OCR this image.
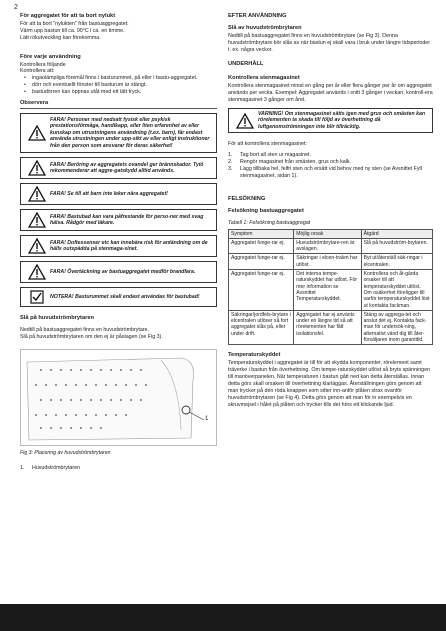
2

För aggregatet för att ta bort nylukt

För att ta bort "nylukten" från bastuaggregatet:

Värm upp bastun till ca. 90°C i ca. en timme.

Lätt rökutveckling kan förekomma.

Före varje användning

Kontrollera följande

Kontrollera att:

• ingaolämpliga föremål finns i basturummet, på eller i bastu-aggregatet.
• dörr och eventuellt fönster till basturum är stängt.
• bastudörren kan öppnas utåt med ett lätt tryck.

Observera

FARA! Personer med nedsatt fysisk eller psykisk prestationsförmåga, handikapp, eller liten erfarenhet av eller kunskap om utrustningens användning (t.ex. barn), får endast använda utrustningen under upp-sikt av eller enligt instruktioner från den person som ansvarar för deras säkerhet!
FARA! Beröring av aggregatets ovandel ger brännskador. Tyiö rekommenderar att aggre-gatskydd alltid används.
FARA! Se till att barn inte leker nära aggregatet!
FARA! Bastubad kan vara påfrestande för perso-ner med svag hälsa. Rådgör med läkare.
FARA! Doftessenser etc kan innebära risk för antändning om de hälls outspädda på stenmaga-sinet.
FARA! Övertäckning av bastuaggregatet medför brandfara.
NOTERA! Basturummet skall endast användas för bastubad!

Slå på huvudströmbrytaren

Nedtill på bastuaggregatet finns en huvudströmbrytare.

Slå på huvudströmbrytaren om den ej är påslagen (se Fig 3).

1
Fig 3: Placering av huvudströmbrytaren
1.	Huvudströmbrytaren

EFTER ANVÄNDNING

Slå av huvudströmbrytaren

Nedtill på bastuaggregatet finns en huvudströmbrytare (se Fig 3). Denna huvudströmbrytare bör slås av när bastun ej skall vara i bruk under längre tidsperioder t. ex. några veckor.

UNDERHÅLL

Kontrollera stenmagasinet

Kontrollera stenmagasinet minst en gång per år eller flera gånger per år om aggregatet används per vecka. Exempel: Aggregatet används i snitt 3 gånger i veckan, kontroll-era stenmagasinet 3 gånger om året.

VARNING! Om stenmagasinet sätts igen med grus och smästen kan rörelementen ta skada till följd av överhettning då luftgenomströmningen inte blir tillräcklig.

För att kontrollera stenmagasinet:

1.	Tag bort all sten ur magasinet.
2.	Rengör magasinet från smästen, grus och kalk.
3.	Lägg tillbaka hel, felfri sten och ersätt vid behov med ny sten (se Avsnittet Fyll stenmagasinet, sidan 1).

FELSÖKNING

Felsökning bastuaggregatet

Tabell 1: Felsökning bastuaggregat

Symptom	Möjlig orsak	Åtgärd
Aggregatet funge-rar ej.	Huvudströmbrytare-ren är avslagen.	Slå på huvudström-brytaren.
Aggregatet funge-rar ej.	Säkringar i elcen-tralen har utlöst.	Byt ut/återställ säk-ringar i elcentralen.
Aggregatet funge-rar ej.	Det interna tempe-raturskyddet har utlöst. För mer information se Avsnittet Temperaturskyddet.	Kontrollera och åt-gärda orsaker till att temperaturskyddet utlöst. Om osäkerhet föreligger till varför temperaturskyddet löst ut kontakta fackman.
Säkringar/jordfels-brytare i elcentralen utlöser så fort aggregatet slås på, eller under drift.	Aggregatet har ej använts under en längre tid så att rörelementen har fått isolationsfel.	Stäng av aggrega-tet och anslut det ej. Kontakta fack-man för undersök-ning, alternativt vänd dig till åter-försäljaren inom garantitid.

Temperaturskyddet

Temperaturskyddet i aggregatet är till för att skydda komponenter, rörelement samt träverke i bastun från överhettning. Om tempe-raturskyddet utlöst så bryts spänningen till manöverpanelen. När temperaturen i bastun gått ned kan detta återställas. Innan detta görs skall orsaken till överhettning klarläggas. Återställningen görs genom att man trycker på den röda knappen som sitter inn-anför plåten strax ovanför huvudströmbrytaren (se Fig 4). Detta görs genom att man för in exempelvis en skruvmejsel i hålet på plåten och trycker tills det hörs ett klickande ljud.
